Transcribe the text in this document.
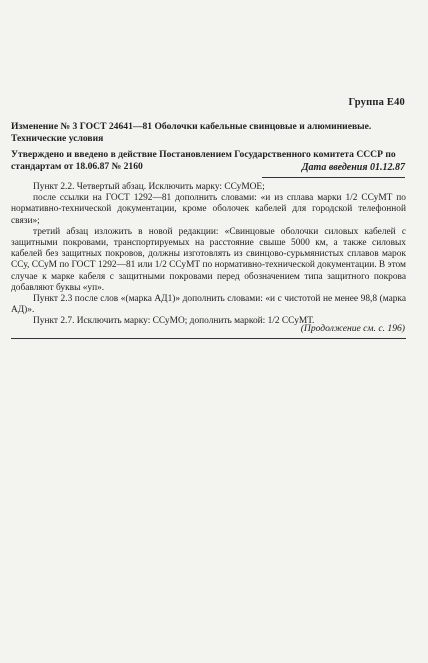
Группа Е40

Изменение № 3 ГОСТ 24641—81 Оболочки кабельные свинцовые и алюминиевые. Технические условия

Утверждено и введено в действие Постановлением Государственного комитета СССР по стандартам от 18.06.87 № 2160	Дата введения 01.12.87

Пункт 2.2. Четвертый абзац. Исключить марку: ССуМОЕ;

после ссылки на ГОСТ 1292—81 дополнить словами: «и из сплава марки 1/2 ССуМТ по нормативно-технической документации, кроме оболочек кабелей для городской телефонной связи»;

третий абзац изложить в новой редакции: «Свинцовые оболочки силовых кабелей с защитными покровами, транспортируемых на расстояние свыше 5000 км, а также силовых кабелей без защитных покровов, должны изготовлять из свинцово-сурьмянистых сплавов марок ССу, ССуМ по ГОСТ 1292—81 или 1/2 ССуМТ по нормативно-технической документации. В этом случае к марке кабеля с защитными покровами перед обозначением типа защитного покрова добавляют буквы «уп».

Пункт 2.3 после слов «(марка АД1)» дополнить словами: «и с чистотой не менее 98,8 (марка АД)».

Пункт 2.7. Исключить марку: ССуМО; дополнить маркой: 1/2 ССуМТ.

(Продолжение см. с. 196)
